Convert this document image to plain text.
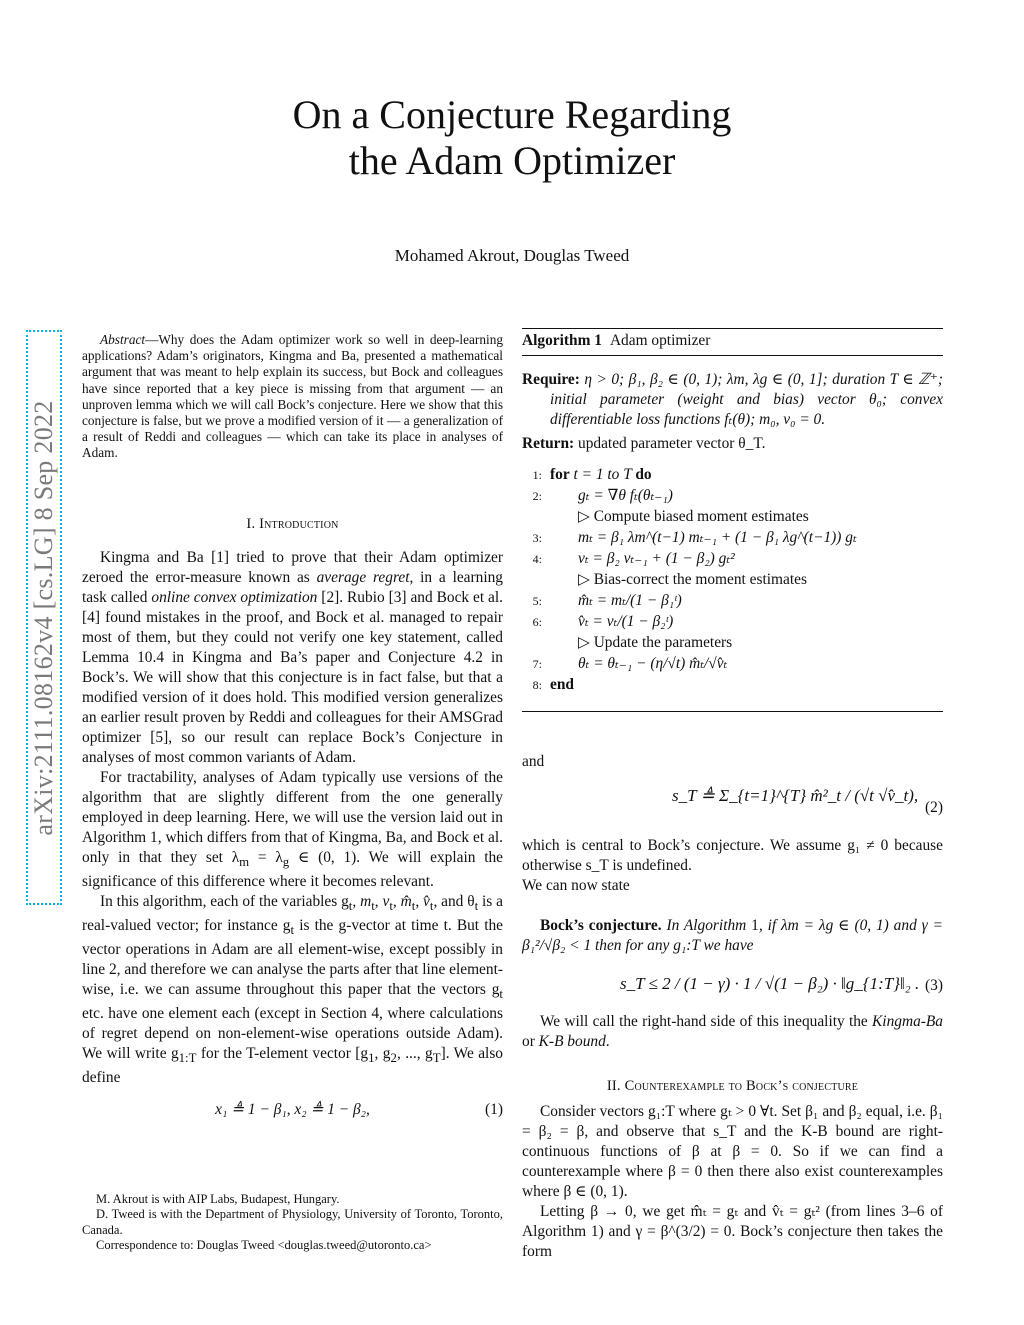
arXiv:2111.08162v4 [cs.LG] 8 Sep 2022
On a Conjecture Regarding
the Adam Optimizer
Mohamed Akrout, Douglas Tweed

Abstract—Why does the Adam optimizer work so well in deep-learning applications? Adam’s originators, Kingma and Ba, presented a mathematical argument that was meant to help explain its success, but Bock and colleagues have since reported that a key piece is missing from that argument — an unproven lemma which we will call Bock’s conjecture. Here we show that this conjecture is false, but we prove a modified version of it — a generalization of a result of Reddi and colleagues — which can take its place in analyses of Adam.

I. Introduction

Kingma and Ba [1] tried to prove that their Adam optimizer zeroed the error-measure known as average regret, in a learning task called online convex optimization [2]. Rubio [3] and Bock et al. [4] found mistakes in the proof, and Bock et al. managed to repair most of them, but they could not verify one key statement, called Lemma 10.4 in Kingma and Ba’s paper and Conjecture 4.2 in Bock’s. We will show that this conjecture is in fact false, but that a modified version of it does hold. This modified version generalizes an earlier result proven by Reddi and colleagues for their AMSGrad optimizer [5], so our result can replace Bock’s Conjecture in analyses of most common variants of Adam.

For tractability, analyses of Adam typically use versions of the algorithm that are slightly different from the one generally employed in deep learning. Here, we will use the version laid out in Algorithm 1, which differs from that of Kingma, Ba, and Bock et al. only in that they set $\lambda_m = \lambda_g$ ∈ (0, 1). We will explain the significance of this difference where it becomes relevant.

In this algorithm, each of the variables $g_t$, $m_t$, $v_t$, $m̂_t$, $v̂_t$, and $\theta_t$ is a real-valued vector; for instance $g_t$ is the g-vector at time t. But the vector operations in Adam are all element-wise, except possibly in line 2, and therefore we can analyse the parts after that line element-wise, i.e. we can assume throughout this paper that the vectors $g_t$ etc. have one element each (except in Section 4, where calculations of regret depend on non-element-wise operations outside Adam). We will write $g_{1:T}$ for the T-element vector [$g_1$, $g_2$, ..., $g_T$]. We also define

x₁ ≜ 1 − β₁, x₂ ≜ 1 − β₂,	(1)

M. Akrout is with AIP Labs, Budapest, Hungary.

D. Tweed is with the Department of Physiology, University of Toronto, Toronto, Canada.

Correspondence to: Douglas Tweed <douglas.tweed@utoronto.ca>

Algorithm 1 Adam optimizer

Require: η > 0; β₁, β₂ ∈ (0, 1); λm, λg ∈ (0, 1]; duration T ∈ ℤ⁺; initial parameter (weight and bias) vector θ₀; convex differentiable loss functions fₜ(θ); m₀, v₀ = 0.

Return: updated parameter vector θ_T.

1: for t = 1 to T do
2: gₜ = ∇θ fₜ(θₜ₋₁)
▷ Compute biased moment estimates
3: mₜ = β₁ λm^(t−1) mₜ₋₁ + (1 − β₁ λg^(t−1)) gₜ
4: vₜ = β₂ vₜ₋₁ + (1 − β₂) gₜ²
▷ Bias-correct the moment estimates
5: m̂ₜ = mₜ/(1 − β₁ᵗ)
6: v̂ₜ = vₜ/(1 − β₂ᵗ)
▷ Update the parameters
7: θₜ = θₜ₋₁ − (η/√t) m̂ₜ/√v̂ₜ
8: end

and

s_T ≜ Σ_{t=1}^{T} m̂²_t / (√t √v̂_t),
(2)

which is central to Bock’s conjecture. We assume g₁ ≠ 0 because otherwise s_T is undefined.

We can now state

Bock’s conjecture. In Algorithm 1, if λm = λg ∈ (0, 1) and γ = β₁²/√β₂ < 1 then for any g₁:T we have

s_T ≤ 2 / (1 − γ) · 1 / √(1 − β₂) · ‖g_{1:T}‖₂ . (3)

We will call the right-hand side of this inequality the Kingma-Ba or K-B bound.

II. Counterexample to Bock’s conjecture

Consider vectors g₁:T where gₜ > 0 ∀t. Set β₁ and β₂ equal, i.e. β₁ = β₂ = β, and observe that s_T and the K-B bound are right-continuous functions of β at β = 0. So if we can find a counterexample where β = 0 then there also exist counterexamples where β ∈ (0, 1).

Letting β → 0, we get m̂ₜ = gₜ and v̂ₜ = gₜ² (from lines 3–6 of Algorithm 1) and γ = β^(3/2) = 0. Bock’s conjecture then takes the form
